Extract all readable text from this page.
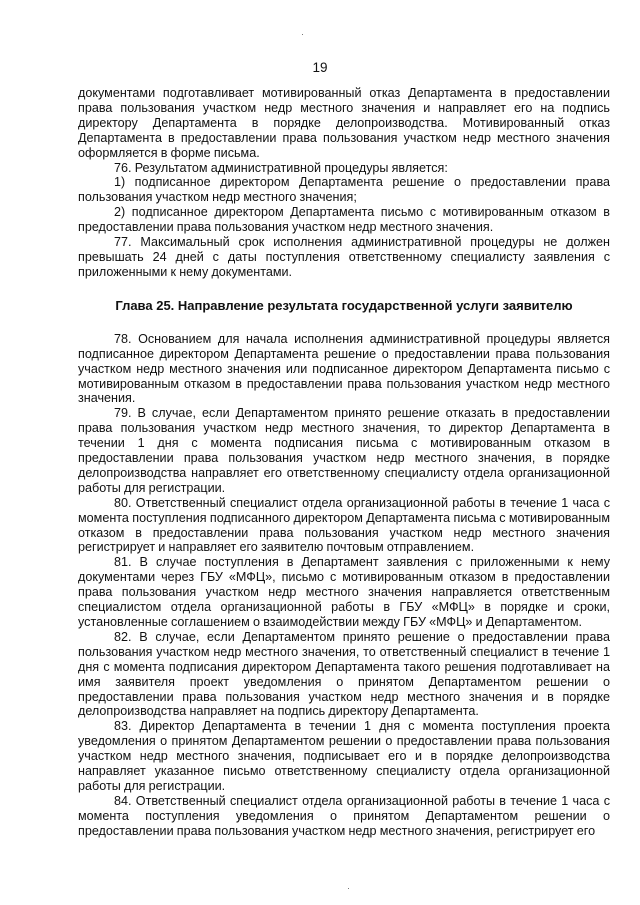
19

документами подготавливает мотивированный отказ Департамента в предоставлении права пользования участком недр местного значения и направляет его на подпись директору Департамента в порядке делопроизводства. Мотивированный отказ Департамента в предоставлении права пользования участком недр местного значения оформляется в форме письма.

76. Результатом административной процедуры является:

1) подписанное директором Департамента решение о предоставлении права пользования участком недр местного значения;

2) подписанное директором Департамента письмо с мотивированным отказом в предоставлении права пользования участком недр местного значения.

77. Максимальный срок исполнения административной процедуры не должен превышать 24 дней с даты поступления ответственному специалисту заявления с приложенными к нему документами.

Глава 25. Направление результата государственной услуги заявителю

78. Основанием для начала исполнения административной процедуры является подписанное директором Департамента решение о предоставлении права пользования участком недр местного значения или подписанное директором Департамента письмо с мотивированным отказом в предоставлении права пользования участком недр местного значения.

79. В случае, если Департаментом принято решение отказать в предоставлении права пользования участком недр местного значения, то директор Департамента в течении 1 дня с момента подписания письма с мотивированным отказом в предоставлении права пользования участком недр местного значения, в порядке делопроизводства направляет его ответственному специалисту отдела организационной работы для регистрации.

80. Ответственный специалист отдела организационной работы в течение 1 часа с момента поступления подписанного директором Департамента письма с мотивированным отказом в предоставлении права пользования участком недр местного значения регистрирует и направляет его заявителю почтовым отправлением.

81. В случае поступления в Департамент заявления с приложенными к нему документами через ГБУ «МФЦ», письмо с мотивированным отказом в предоставлении права пользования участком недр местного значения направляется ответственным специалистом отдела организационной работы в ГБУ «МФЦ» в порядке и сроки, установленные соглашением о взаимодействии между ГБУ «МФЦ» и Департаментом.

82. В случае, если Департаментом принято решение о предоставлении права пользования участком недр местного значения, то ответственный специалист в течение 1 дня с момента подписания директором Департамента такого решения подготавливает на имя заявителя проект уведомления о принятом Департаментом решении о предоставлении права пользования участком недр местного значения и в порядке делопроизводства направляет на подпись директору Департамента.

83. Директор Департамента в течении 1 дня с момента поступления проекта уведомления о принятом Департаментом решении о предоставлении права пользования участком недр местного значения, подписывает его и в порядке делопроизводства направляет указанное письмо ответственному специалисту отдела организационной работы для регистрации.

84. Ответственный специалист отдела организационной работы в течение 1 часа с момента поступления уведомления о принятом Департаментом решении о предоставлении права пользования участком недр местного значения, регистрирует его
